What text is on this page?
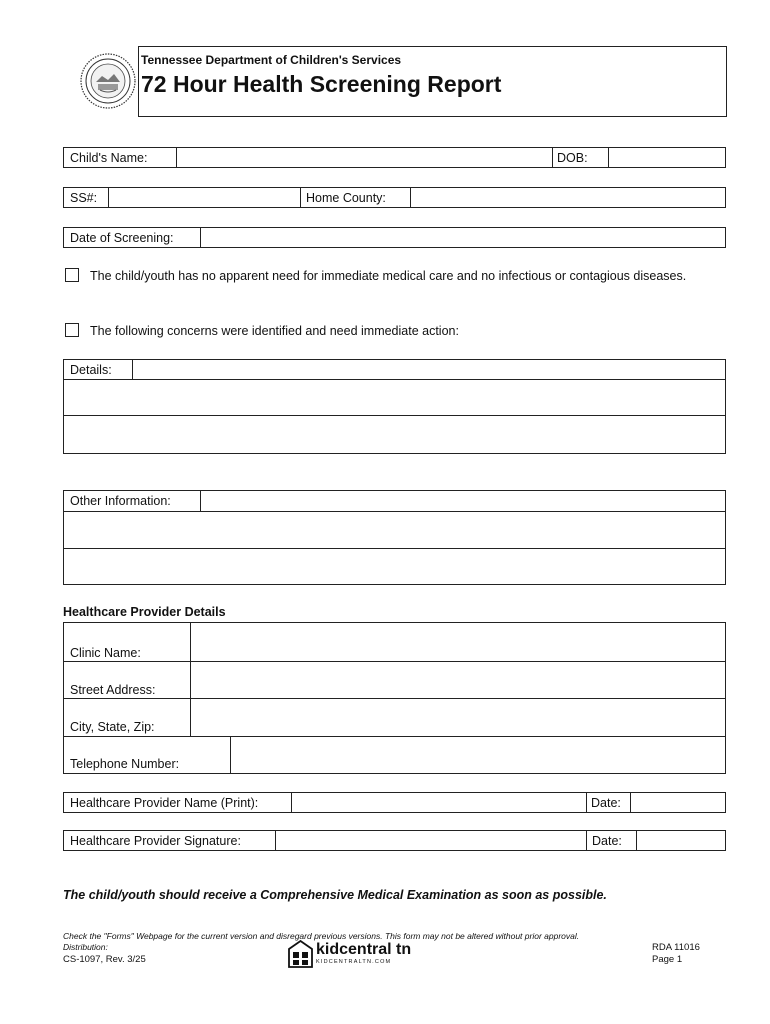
Tennessee Department of Children's Services
72 Hour Health Screening Report
Child's Name:	DOB:
SS#:	Home County:
Date of Screening:
The child/youth has no apparent need for immediate medical care and no infectious or contagious diseases.
The following concerns were identified and need immediate action:
Details:
Other Information:
Healthcare Provider Details
Clinic Name:
Street Address:
City, State, Zip:
Telephone Number:
Healthcare Provider Name (Print):	Date:
Healthcare Provider Signature:	Date:
The child/youth should receive a Comprehensive Medical Examination as soon as possible.
Check the "Forms" Webpage for the current version and disregard previous versions. This form may not be altered without prior approval.
Distribution:
CS-1097, Rev. 3/25
RDA 11016
Page 1
kidcentral tn
KIDCENTRALTN.COM
